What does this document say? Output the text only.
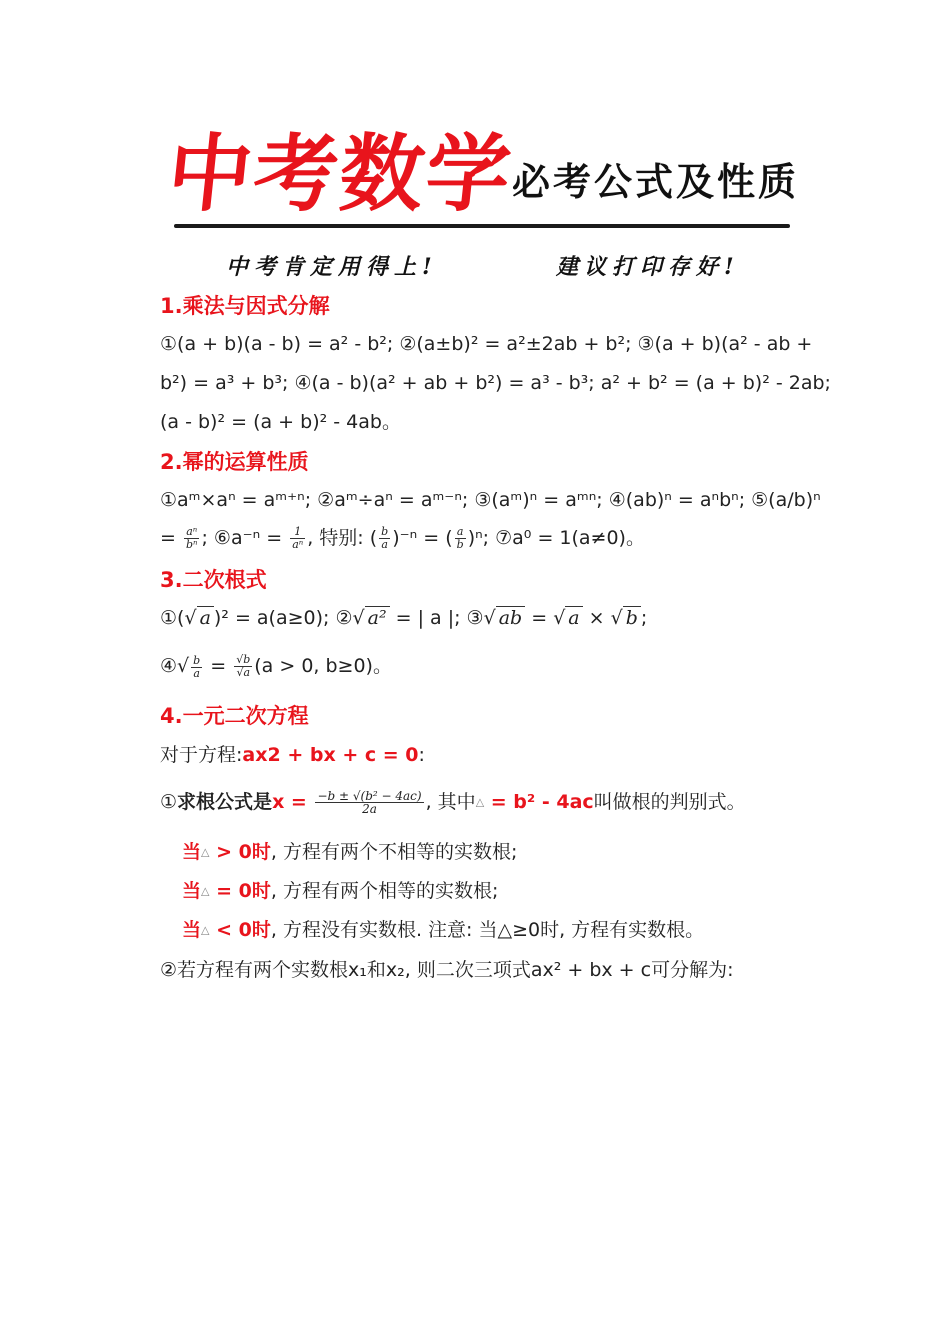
中考数学
必考公式及性质
中考肯定用得上!	建议打印存好!
1.乘法与因式分解
①(a + b)(a - b) = a² - b²; ②(a±b)² = a²±2ab + b²; ③(a + b)(a² - ab +
b²) = a³ + b³; ④(a - b)(a² + ab + b²) = a³ - b³; a² + b² = (a + b)² - 2ab;
(a - b)² = (a + b)² - 4ab。
2.幂的运算性质
①aᵐ×aⁿ = aᵐ⁺ⁿ; ②aᵐ÷aⁿ = aᵐ⁻ⁿ; ③(aᵐ)ⁿ = aᵐⁿ; ④(ab)ⁿ = aⁿbⁿ; ⑤(a/b)ⁿ
= $\frac{\text{aⁿ}}{\text{bⁿ}}$ ; ⑥a⁻ⁿ = $\frac{1}{\text{aⁿ}}$ , 特别: ( $\frac{b}{a} )^{-n}$ = ( $\frac{a}{b} )^n$; ⑦a⁰ = 1(a≠0)。
3.二次根式
①(√ a )² = a(a≥0); ②√ a² = | a |; ③√ ab = √ a × √ b ;
④√ $\frac{b}{a} = \frac{√b}{√a} (a > 0$, b≥0)。
4.一元二次方程
对于方程:ax2 + bx + c = 0:
①求根公式是$x = \frac{\text{−b ± √(b² − 4ac)}}{2a}$ , 其中△ = b² - 4ac叫做根的判别式。
当△ > 0时, 方程有两个不相等的实数根;
当△ = 0时, 方程有两个相等的实数根;
当△ < 0时, 方程没有实数根. 注意: 当△≥0时, 方程有实数根。
②若方程有两个实数根x₁和x₂, 则二次三项式ax² + bx + c可分解为:
